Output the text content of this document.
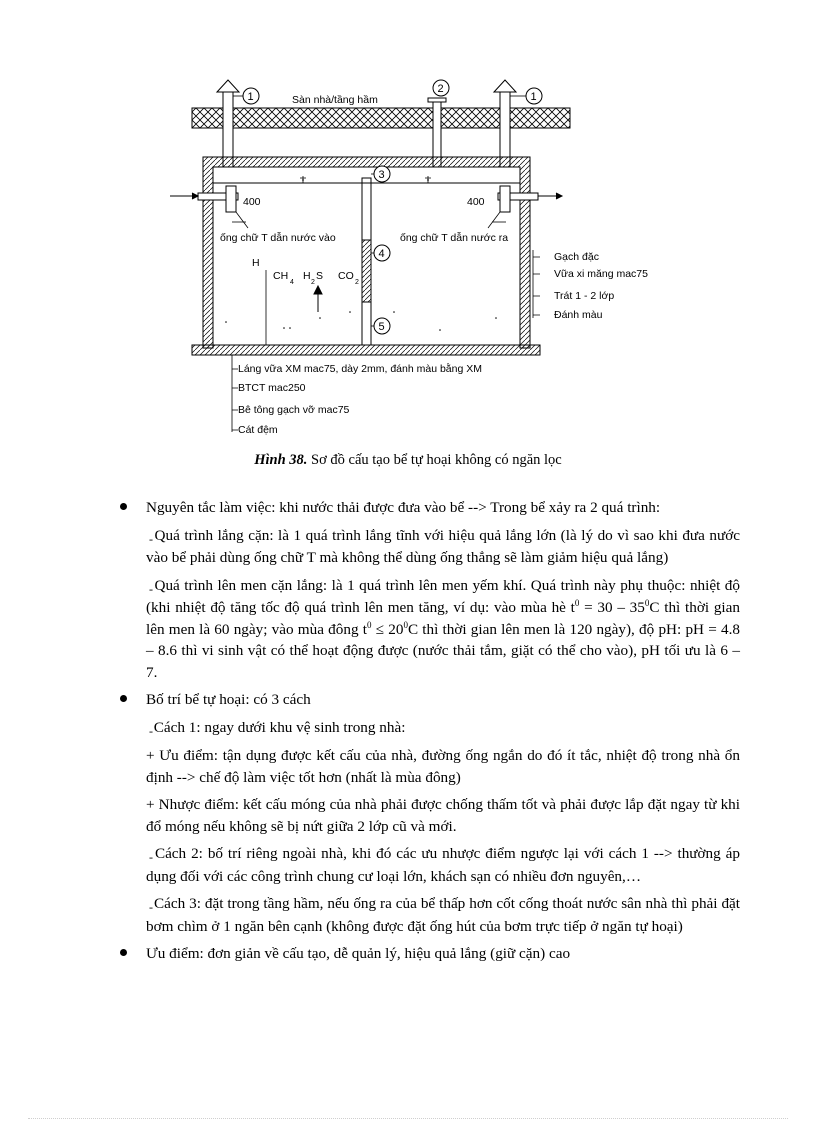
Sàn nhà/tầng hầm
400	400
ống chữ T dẫn nước vào	ống chữ T dẫn nước ra
H
CH
4
H
2
S CO
2
1
2
1
3
4
5
Gạch đặc
Vữa xi măng mac75
Trát 1 - 2 lớp
Đánh màu
Láng vữa XM mac75, dày 2mm, đánh màu bằng XM
BTCT mac250
Bê tông gạch vỡ mac75
Cát đệm
Hình 38. Sơ đồ cấu tạo bể tự hoại không có ngăn lọc
Nguyên tắc làm việc: khi nước thải được đưa vào bể --> Trong bể xảy ra 2 quá trình:
- Quá trình lắng cặn: là 1 quá trình lắng tĩnh với hiệu quả lắng lớn (là lý do vì sao khi đưa nước vào bể phải dùng ống chữ T mà không thể dùng ống thẳng sẽ làm giảm hiệu quả lắng)
- Quá trình lên men cặn lắng: là 1 quá trình lên men yếm khí. Quá trình này phụ thuộc: nhiệt độ (khi nhiệt độ tăng tốc độ quá trình lên men tăng, ví dụ: vào mùa hè $t^0 = 30 - 35^0C$ thì thời gian lên men là 60 ngày; vào mùa đông $t^0 \le 20^0C$ thì thời gian lên men là 120 ngày), độ pH: pH = 4.8 – 8.6 thì vi sinh vật có thể hoạt động được (nước thải tắm, giặt có thể cho vào), pH tối ưu là 6 – 7.
Bố trí bể tự hoại: có 3 cách
- Cách 1: ngay dưới khu vệ sinh trong nhà:
+ Ưu điểm: tận dụng được kết cấu của nhà, đường ống ngắn do đó ít tắc, nhiệt độ trong nhà ổn định --> chế độ làm việc tốt hơn (nhất là mùa đông)
+ Nhược điểm: kết cấu móng của nhà phải được chống thấm tốt và phải được lắp đặt ngay từ khi đổ móng nếu không sẽ bị nứt giữa 2 lớp cũ và mới.
- Cách 2: bố trí riêng ngoài nhà, khi đó các ưu nhược điểm ngược lại với cách 1 --> thường áp dụng đối với các công trình chung cư loại lớn, khách sạn có nhiều đơn nguyên,…
- Cách 3: đặt trong tầng hầm, nếu ống ra của bể thấp hơn cốt cống thoát nước sân nhà thì phải đặt bơm chìm ở 1 ngăn bên cạnh (không được đặt ống hút của bơm trực tiếp ở ngăn tự hoại)
Ưu điểm: đơn giản về cấu tạo, dễ quản lý, hiệu quả lắng (giữ cặn) cao
